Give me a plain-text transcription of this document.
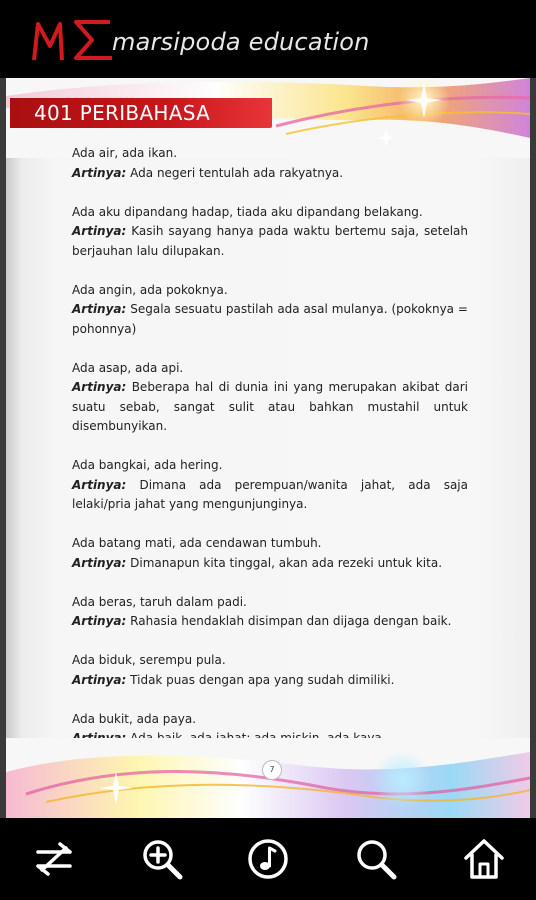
marsipoda education
401 PERIBAHASA
Ada air, ada ikan.
Artinya: Ada negeri tentulah ada rakyatnya.
Ada aku dipandang hadap, tiada aku dipandang belakang.
Artinya: Kasih sayang hanya pada waktu bertemu saja, setelah berjauhan lalu dilupakan.
Ada angin, ada pokoknya.
Artinya: Segala sesuatu pastilah ada asal mulanya. (pokoknya = pohonnya)
Ada asap, ada api.
Artinya: Beberapa hal di dunia ini yang merupakan akibat dari suatu sebab, sangat sulit atau bahkan mustahil untuk disembunyikan.
Ada bangkai, ada hering.
Artinya: Dimana ada perempuan/wanita jahat, ada saja lelaki/pria jahat yang mengunjunginya.
Ada batang mati, ada cendawan tumbuh.
Artinya: Dimanapun kita tinggal, akan ada rezeki untuk kita.
Ada beras, taruh dalam padi.
Artinya: Rahasia hendaklah disimpan dan dijaga dengan baik.
Ada biduk, serempu pula.
Artinya: Tidak puas dengan apa yang sudah dimiliki.
Ada bukit, ada paya.
7
